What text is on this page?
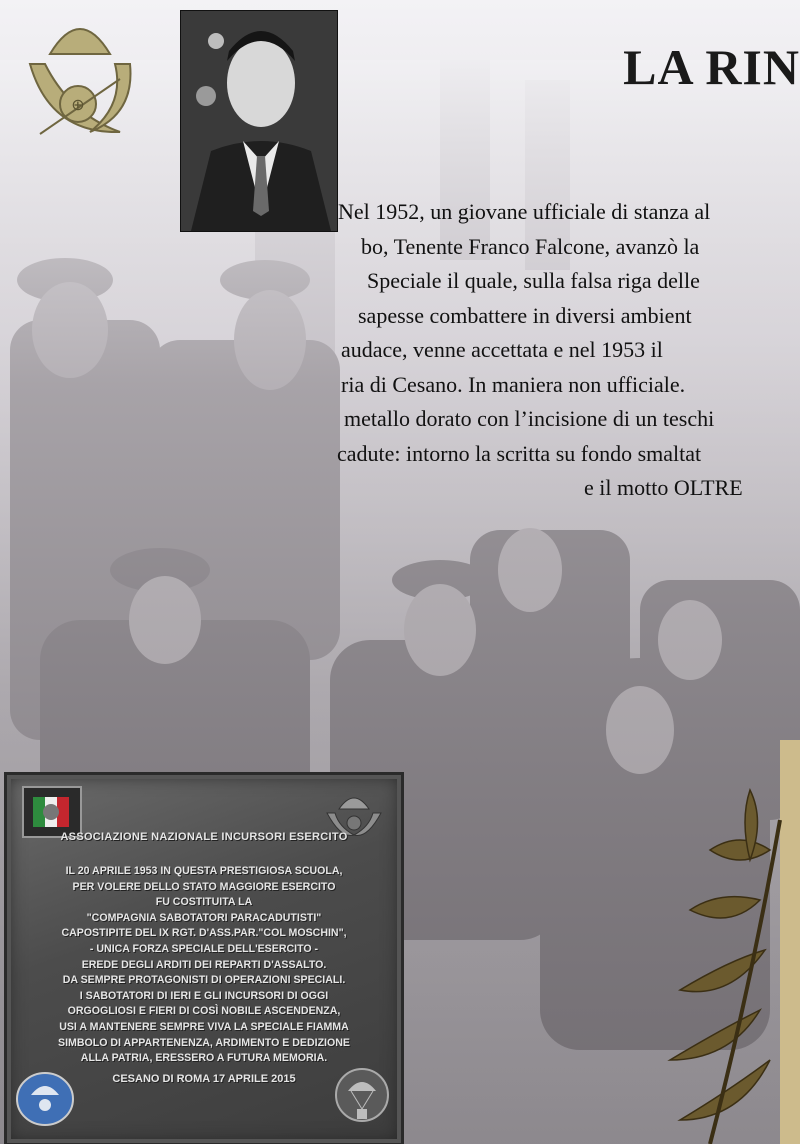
⊕
LA RIN
Nel 1952, un giovane ufficiale di stanza al
bo, Tenente Franco Falcone, avanzò la
Speciale il quale, sulla falsa riga delle
sapesse combattere in diversi ambient
audace, venne accettata e nel 1953 il
ria di Cesano. In maniera non ufficiale.
metallo dorato con l’incisione di un teschi
cadute: intorno la scritta su fondo smaltat
e il motto OLTRE
ASSOCIAZIONE NAZIONALE INCURSORI ESERCITO
IL 20 APRILE 1953 IN QUESTA PRESTIGIOSA SCUOLA,
PER VOLERE DELLO STATO MAGGIORE ESERCITO
FU COSTITUITA LA
"COMPAGNIA SABOTATORI PARACADUTISTI"
CAPOSTIPITE DEL IX RGT. D'ASS.PAR."COL MOSCHIN",
- UNICA FORZA SPECIALE DELL'ESERCITO -
EREDE DEGLI ARDITI DEI REPARTI D'ASSALTO.
DA SEMPRE PROTAGONISTI DI OPERAZIONI SPECIALI.
I SABOTATORI DI IERI E GLI INCURSORI DI OGGI
ORGOGLIOSI E FIERI DI COSÌ NOBILE ASCENDENZA,
USI A MANTENERE SEMPRE VIVA LA SPECIALE FIAMMA
SIMBOLO DI APPARTENENZA, ARDIMENTO E DEDIZIONE
ALLA PATRIA, ERESSERO A FUTURA MEMORIA.
CESANO DI ROMA 17 APRILE 2015
